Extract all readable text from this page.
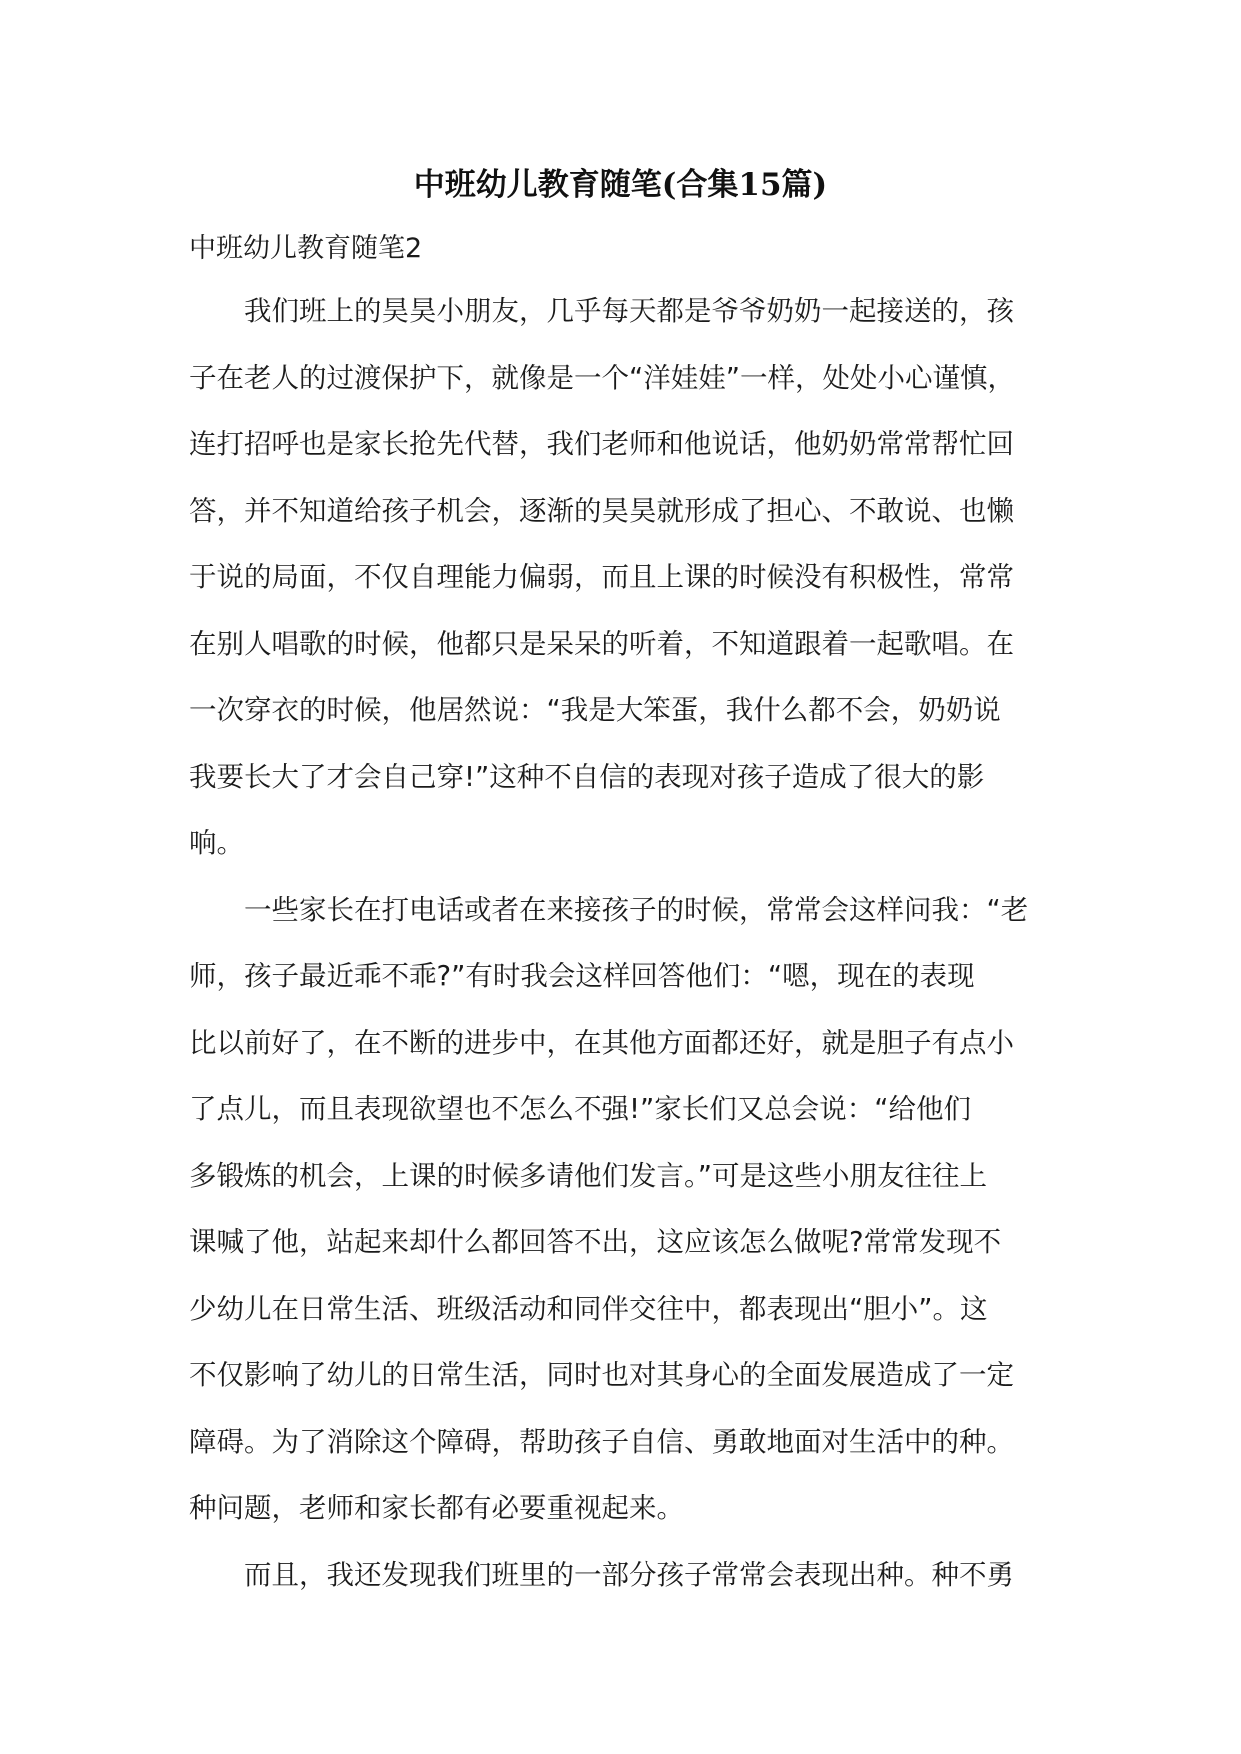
中班幼儿教育随笔(合集15篇)

中班幼儿教育随笔2

　　我们班上的昊昊小朋友，几乎每天都是爷爷奶奶一起接送的，孩
子在老人的过渡保护下，就像是一个“洋娃娃”一样，处处小心谨慎，
连打招呼也是家长抢先代替，我们老师和他说话，他奶奶常常帮忙回
答，并不知道给孩子机会，逐渐的昊昊就形成了担心、不敢说、也懒
于说的局面，不仅自理能力偏弱，而且上课的时候没有积极性，常常
在别人唱歌的时候，他都只是呆呆的听着，不知道跟着一起歌唱。在
一次穿衣的时候，他居然说：“我是大笨蛋，我什么都不会，奶奶说
我要长大了才会自己穿!”这种不自信的表现对孩子造成了很大的影
响。
　　一些家长在打电话或者在来接孩子的时候，常常会这样问我：“老
师，孩子最近乖不乖?”有时我会这样回答他们：“嗯，现在的表现
比以前好了，在不断的进步中，在其他方面都还好，就是胆子有点小
了点儿，而且表现欲望也不怎么不强!”家长们又总会说：“给他们
多锻炼的机会，上课的时候多请他们发言。”可是这些小朋友往往上
课喊了他，站起来却什么都回答不出，这应该怎么做呢?常常发现不
少幼儿在日常生活、班级活动和同伴交往中，都表现出“胆小”。这
不仅影响了幼儿的日常生活，同时也对其身心的全面发展造成了一定
障碍。为了消除这个障碍，帮助孩子自信、勇敢地面对生活中的种。
种问题，老师和家长都有必要重视起来。
　　而且，我还发现我们班里的一部分孩子常常会表现出种。种不勇
